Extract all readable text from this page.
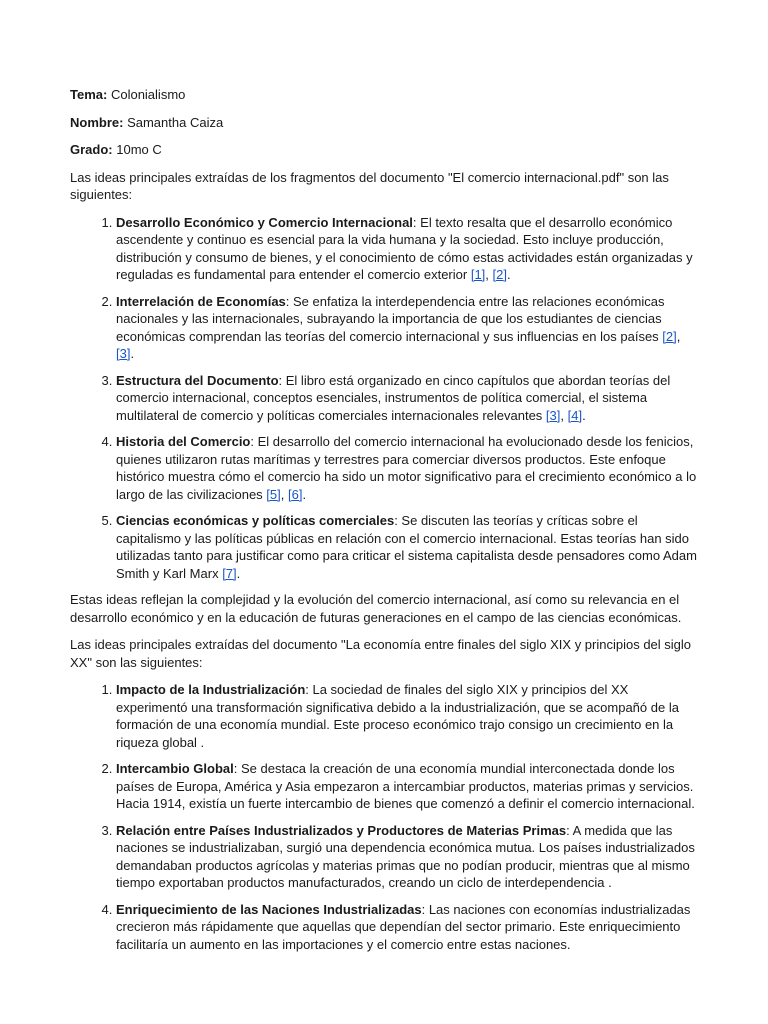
Tema: Colonialismo

Nombre: Samantha Caiza

Grado: 10mo C

Las ideas principales extraídas de los fragmentos del documento "El comercio internacional.pdf" son las siguientes:

1. Desarrollo Económico y Comercio Internacional: El texto resalta que el desarrollo económico ascendente y continuo es esencial para la vida humana y la sociedad. Esto incluye producción, distribución y consumo de bienes, y el conocimiento de cómo estas actividades están organizadas y reguladas es fundamental para entender el comercio exterior [1], [2].
2. Interrelación de Economías: Se enfatiza la interdependencia entre las relaciones económicas nacionales y las internacionales, subrayando la importancia de que los estudiantes de ciencias económicas comprendan las teorías del comercio internacional y sus influencias en los países [2], [3].
3. Estructura del Documento: El libro está organizado en cinco capítulos que abordan teorías del comercio internacional, conceptos esenciales, instrumentos de política comercial, el sistema multilateral de comercio y políticas comerciales internacionales relevantes [3], [4].
4. Historia del Comercio: El desarrollo del comercio internacional ha evolucionado desde los fenicios, quienes utilizaron rutas marítimas y terrestres para comerciar diversos productos. Este enfoque histórico muestra cómo el comercio ha sido un motor significativo para el crecimiento económico a lo largo de las civilizaciones [5], [6].
5. Ciencias económicas y políticas comerciales: Se discuten las teorías y críticas sobre el capitalismo y las políticas públicas en relación con el comercio internacional. Estas teorías han sido utilizadas tanto para justificar como para criticar el sistema capitalista desde pensadores como Adam Smith y Karl Marx [7].

Estas ideas reflejan la complejidad y la evolución del comercio internacional, así como su relevancia en el desarrollo económico y en la educación de futuras generaciones en el campo de las ciencias económicas.

Las ideas principales extraídas del documento "La economía entre finales del siglo XIX y principios del siglo XX" son las siguientes:

1. Impacto de la Industrialización: La sociedad de finales del siglo XIX y principios del XX experimentó una transformación significativa debido a la industrialización, que se acompañó de la formación de una economía mundial. Este proceso económico trajo consigo un crecimiento en la riqueza global .
2. Intercambio Global: Se destaca la creación de una economía mundial interconectada donde los países de Europa, América y Asia empezaron a intercambiar productos, materias primas y servicios. Hacia 1914, existía un fuerte intercambio de bienes que comenzó a definir el comercio internacional.
3. Relación entre Países Industrializados y Productores de Materias Primas: A medida que las naciones se industrializaban, surgió una dependencia económica mutua. Los países industrializados demandaban productos agrícolas y materias primas que no podían producir, mientras que al mismo tiempo exportaban productos manufacturados, creando un ciclo de interdependencia .
4. Enriquecimiento de las Naciones Industrializadas: Las naciones con economías industrializadas crecieron más rápidamente que aquellas que dependían del sector primario. Este enriquecimiento facilitaría un aumento en las importaciones y el comercio entre estas naciones.
